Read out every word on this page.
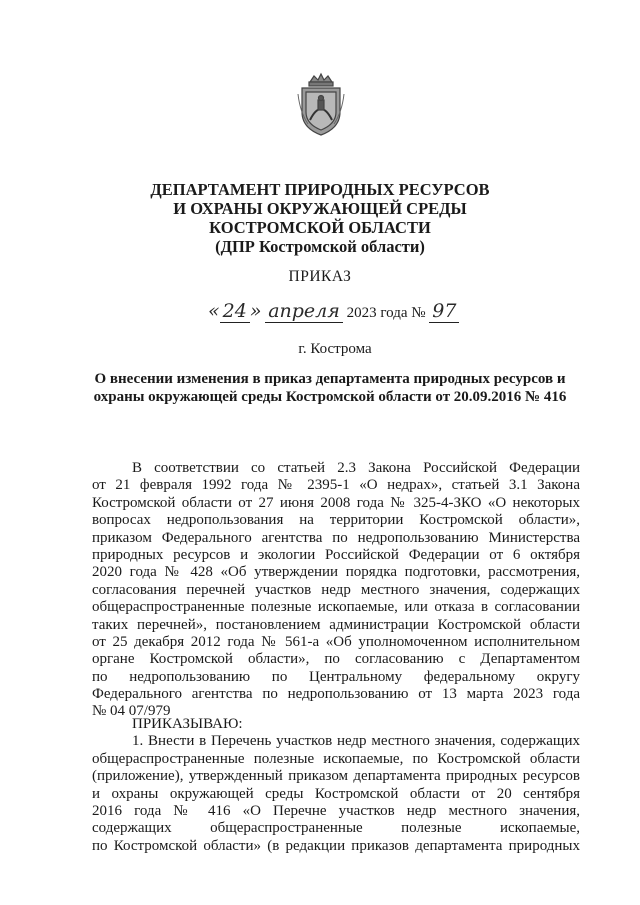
ДЕПАРТАМЕНТ ПРИРОДНЫХ РЕСУРСОВ
И ОХРАНЫ ОКРУЖАЮЩЕЙ СРЕДЫ
КОСТРОМСКОЙ ОБЛАСТИ
(ДПР Костромской области)
ПРИКАЗ
« 24 » апреля 2023 года № 97
г. Кострома
О внесении изменения в приказ департамента природных ресурсов и
охраны окружающей среды Костромской области от 20.09.2016 № 416
В соответствии со статьей 2.3 Закона Российской Федерации
от 21 февраля 1992 года № 2395-1 «О недрах», статьей 3.1 Закона
Костромской области от 27 июня 2008 года № 325-4-ЗКО «О некоторых
вопросах недропользования на территории Костромской области»,
приказом Федерального агентства по недропользованию Министерства
природных ресурсов и экологии Российской Федерации от 6 октября
2020 года № 428 «Об утверждении порядка подготовки, рассмотрения,
согласования перечней участков недр местного значения, содержащих
общераспространенные полезные ископаемые, или отказа в согласовании
таких перечней», постановлением администрации Костромской области
от 25 декабря 2012 года № 561-а «Об уполномоченном исполнительном
органе Костромской области», по согласованию с Департаментом
по недропользованию по Центральному федеральному округу
Федерального агентства по недропользованию от 13 марта 2023 года
№ 04 07/979
ПРИКАЗЫВАЮ:
1. Внести в Перечень участков недр местного значения, содержащих
общераспространенные полезные ископаемые, по Костромской области
(приложение), утвержденный приказом департамента природных ресурсов
и охраны окружающей среды Костромской области от 20 сентября
2016 года № 416 «О Перечне участков недр местного значения,
содержащих общераспространенные полезные ископаемые,
по Костромской области» (в редакции приказов департамента природных
